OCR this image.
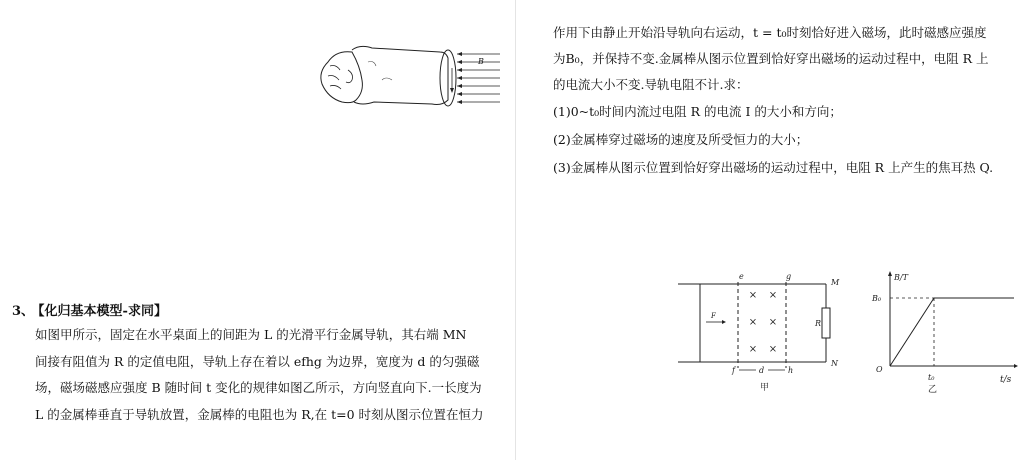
B
作用下由静止开始沿导轨向右运动，t = t₀时刻恰好进入磁场，此时磁感应强度
为B₀，并保持不变.金属棒从图示位置到恰好穿出磁场的运动过程中，电阻 R 上
的电流大小不变.导轨电阻不计.求：
(1)0~t₀时间内流过电阻 R 的电流 I 的大小和方向；
(2)金属棒穿过磁场的速度及所受恒力的大小；
(3)金属棒从图示位置到恰好穿出磁场的运动过程中，电阻 R 上产生的焦耳热 Q.
3、 【化归基本模型-求同】
如图甲所示，固定在水平桌面上的间距为 L 的光滑平行金属导轨，其右端 MN
间接有阻值为 R 的定值电阻，导轨上存在着以 efhg 为边界，宽度为 d 的匀强磁
场，磁场磁感应强度 B 随时间 t 变化的规律如图乙所示，方向竖直向下.一长度为
L 的金属棒垂直于导轨放置，金属棒的电阻也为 R,在 t=0 时刻从图示位置在恒力
F
× ×
× ×
× ×
e	g
M
N
R
f	h
d
甲
B/T
t/s
O
B₀
t₀
乙
